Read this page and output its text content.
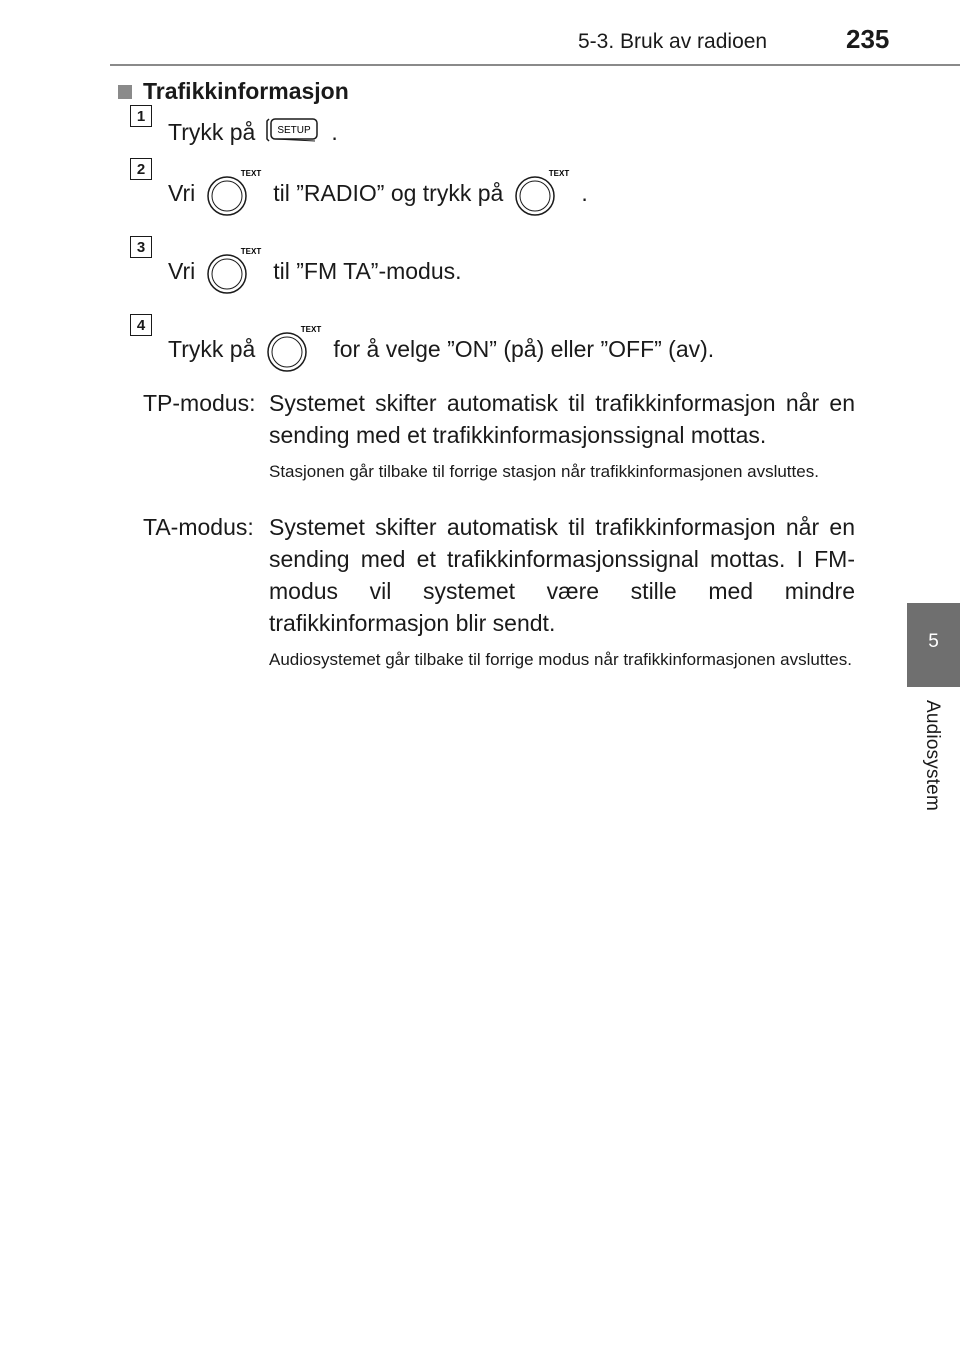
5-3. Bruk av radioen	235
5
Audiosystem
Trafikkinformasjon
1
Trykk på SETUP .
2
Vri
TEXT
til ”RADIO” og trykk på
TEXT
.
3
Vri
TEXT
til ”FM TA”-modus.
4
Trykk på
TEXT
for å velge ”ON” (på) eller ”OFF” (av).
TP-modus: Systemet skifter automatisk til trafikkinformasjon når en sending med et trafikkinformasjonssignal mottas.
Stasjonen går tilbake til forrige stasjon når trafikkinformasjonen avsluttes.
TA-modus: Systemet skifter automatisk til trafikkinformasjon når en sending med et trafikkinformasjonssignal mottas. I FM-modus vil systemet være stille med mindre trafikkinformasjon blir sendt.
Audiosystemet går tilbake til forrige modus når trafikkinformasjonen avsluttes.
